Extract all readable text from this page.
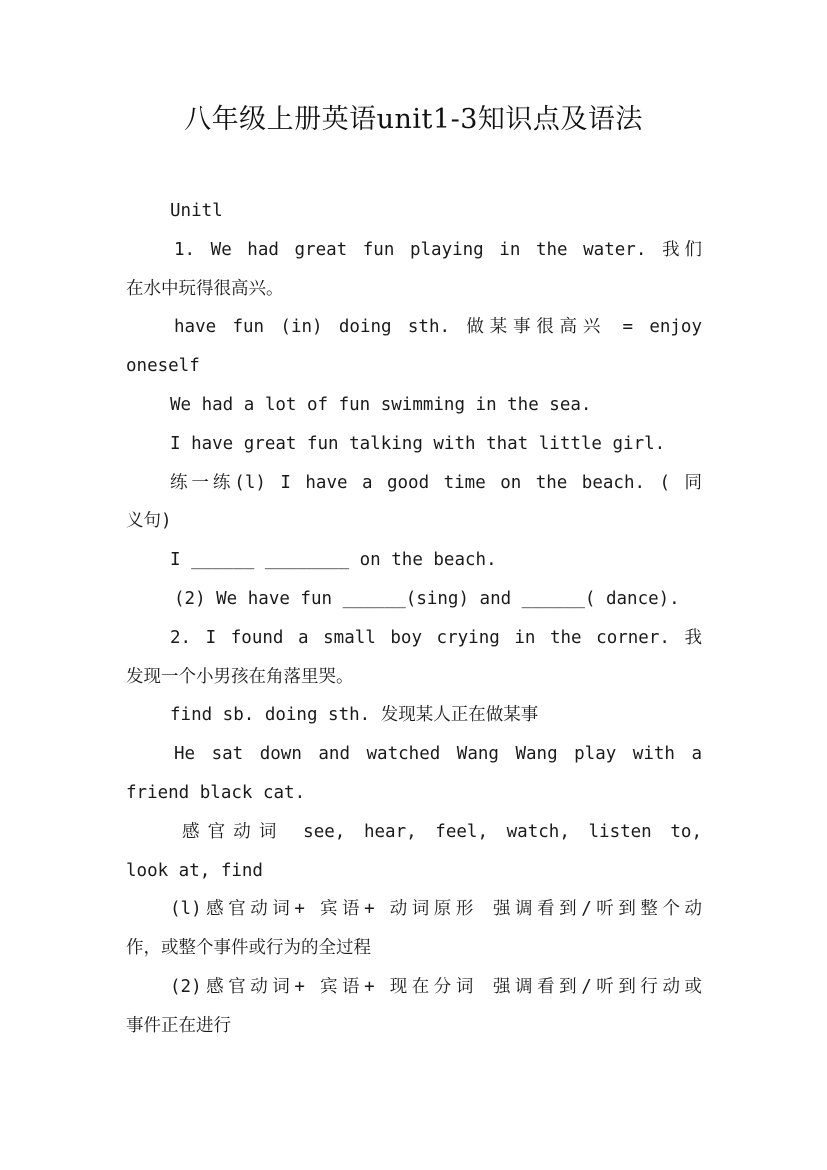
八年级上册英语unit1-3知识点及语法
Unitl
1. We had great fun playing in the water. 我们
在水中玩得很高兴。
have fun (in) doing sth. 做某事很高兴 = enjoy
oneself
We had a lot of fun swimming in the sea.
I have great fun talking with that little girl.
练一练(l) I have a good time on the beach. ( 同
义句)
I ______ ________ on the beach.
(2) We have fun ______(sing) and ______( dance).
2. I found a small boy crying in the corner. 我
发现一个小男孩在角落里哭。
find sb. doing sth. 发现某人正在做某事
He sat down and watched Wang Wang play with a
friend black cat.
感官动词 see, hear, feel, watch, listen to,
look at, find
(l)感官动词+ 宾语+ 动词原形 强调看到/听到整个动
作，或整个事件或行为的全过程
(2)感官动词+ 宾语+ 现在分词 强调看到/听到行动或
事件正在进行
